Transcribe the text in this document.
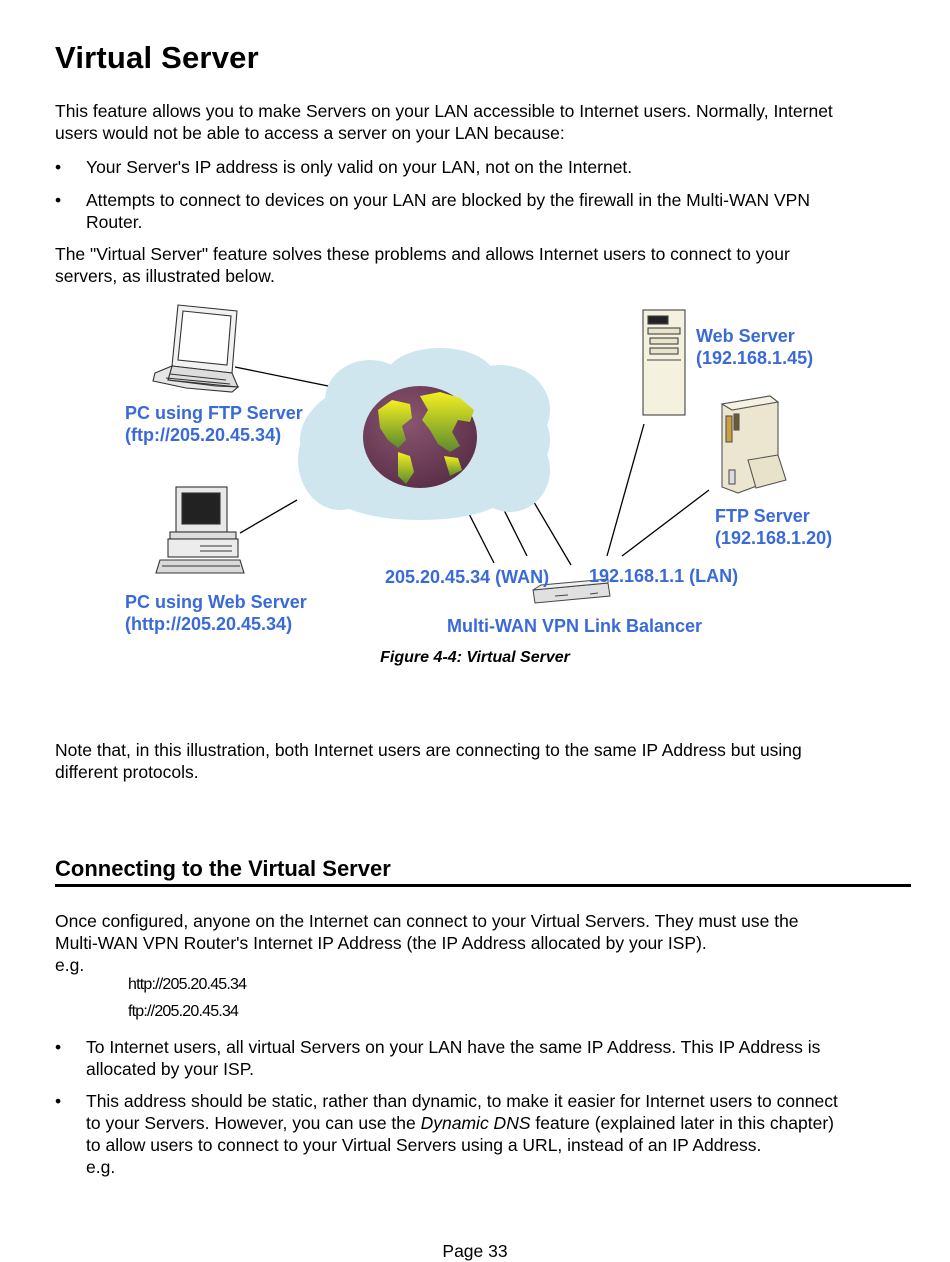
Virtual Server
This feature allows you to make Servers on your LAN accessible to Internet users. Normally, Internet
users would not be able to access a server on your LAN because:
•	Your Server's IP address is only valid on your LAN, not on the Internet.
•	Attempts to connect to devices on your LAN are blocked by the firewall in the Multi-WAN VPN
Router.
The "Virtual Server" feature solves these problems and allows Internet users to connect to your
servers, as illustrated below.
PC using FTP Server
(ftp://205.20.45.34)
PC using Web Server
(http://205.20.45.34)
Web Server
(192.168.1.45)
FTP Server
(192.168.1.20)
205.20.45.34 (WAN) 192.168.1.1 (LAN)
Multi-WAN VPN Link Balancer
Figure 4-4: Virtual Server
Note that, in this illustration, both Internet users are connecting to the same IP Address but using
different protocols.
Connecting to the Virtual Server
Once configured, anyone on the Internet can connect to your Virtual Servers. They must use the
Multi-WAN VPN Router's Internet IP Address (the IP Address allocated by your ISP).
e.g.
http://205.20.45.34
ftp://205.20.45.34
•	To Internet users, all virtual Servers on your LAN have the same IP Address. This IP Address is
allocated by your ISP.
•	This address should be static, rather than dynamic, to make it easier for Internet users to connect
to your Servers. However, you can use the Dynamic DNS feature (explained later in this chapter)
to allow users to connect to your Virtual Servers using a URL, instead of an IP Address.
e.g.
Page 33
